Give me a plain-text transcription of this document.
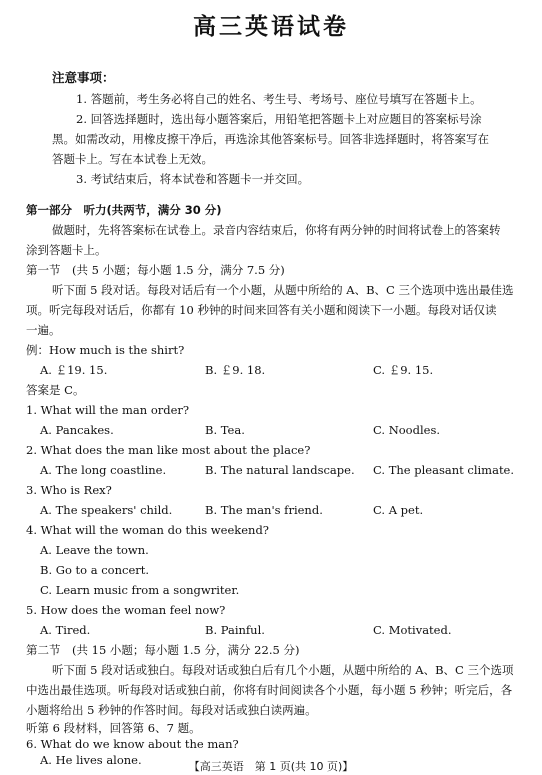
高三英语试卷
注意事项：
1. 答题前，考生务必将自己的姓名、考生号、考场号、座位号填写在答题卡上。
2. 回答选择题时，选出每小题答案后，用铅笔把答题卡上对应题目的答案标号涂
黑。如需改动，用橡皮擦干净后，再选涂其他答案标号。回答非选择题时，将答案写在
答题卡上。写在本试卷上无效。
3. 考试结束后，将本试卷和答题卡一并交回。
第一部分　听力(共两节，满分 30 分)
做题时，先将答案标在试卷上。录音内容结束后，你将有两分钟的时间将试卷上的答案转
涂到答题卡上。
第一节　(共 5 小题；每小题 1.5 分，满分 7.5 分)
听下面 5 段对话。每段对话后有一个小题，从题中所给的 A、B、C 三个选项中选出最佳选
项。听完每段对话后，你都有 10 秒钟的时间来回答有关小题和阅读下一小题。每段对话仅读
一遍。
例：How much is the shirt?
A. ￡19. 15.	B. ￡9. 18.	C. ￡9. 15.
答案是 C。
1. What will the man order?
A. Pancakes.	B. Tea.	C. Noodles.
2. What does the man like most about the place?
A. The long coastline.	B. The natural landscape. C. The pleasant climate.
3. Who is Rex?
A. The speakers' child.	B. The man's friend.	C. A pet.
4. What will the woman do this weekend?
A. Leave the town.
B. Go to a concert.
C. Learn music from a songwriter.
5. How does the woman feel now?
A. Tired.	B. Painful.	C. Motivated.
第二节　(共 15 小题；每小题 1.5 分，满分 22.5 分)
听下面 5 段对话或独白。每段对话或独白后有几个小题，从题中所给的 A、B、C 三个选项
中选出最佳选项。听每段对话或独白前，你将有时间阅读各个小题，每小题 5 秒钟；听完后，各
小题将给出 5 秒钟的作答时间。每段对话或独白读两遍。
听第 6 段材料，回答第 6、7 题。
6. What do we know about the man?
A. He lives alone.	【高三英语　第 1 页(共 10 页)】
